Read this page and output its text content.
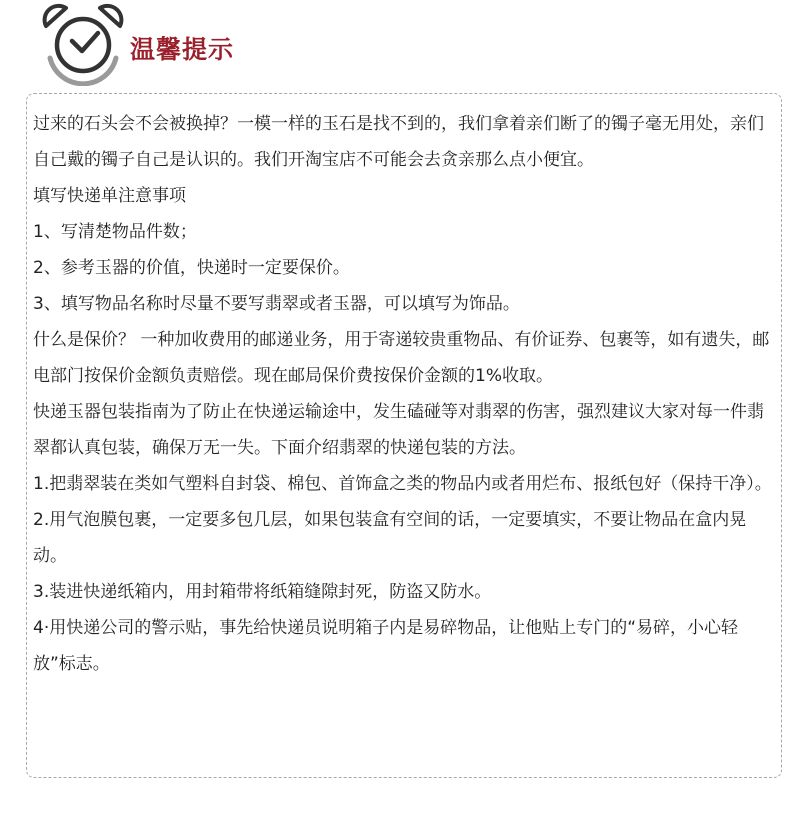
温馨提示

过来的石头会不会被换掉？一模一样的玉石是找不到的，我们拿着亲们断了的镯子毫无用处，亲们自己戴的镯子自己是认识的。我们开淘宝店不可能会去贪亲那么点小便宜。

填写快递单注意事项

1、写清楚物品件数；

2、参考玉器的价值，快递时一定要保价。

3、填写物品名称时尽量不要写翡翠或者玉器，可以填写为饰品。

什么是保价？ 一种加收费用的邮递业务，用于寄递较贵重物品、有价证券、包裹等，如有遗失，邮电部门按保价金额负责赔偿。现在邮局保价费按保价金额的1%收取。

快递玉器包装指南为了防止在快递运输途中，发生磕碰等对翡翠的伤害，强烈建议大家对每一件翡翠都认真包装，确保万无一失。下面介绍翡翠的快递包装的方法。

1.把翡翠装在类如气塑料自封袋、棉包、首饰盒之类的物品内或者用烂布、报纸包好（保持干净）。

2.用气泡膜包裹，一定要多包几层，如果包装盒有空间的话，一定要填实，不要让物品在盒内晃动。

3.装进快递纸箱内，用封箱带将纸箱缝隙封死，防盗又防水。

4·用快递公司的警示贴，事先给快递员说明箱子内是易碎物品，让他贴上专门的“易碎，小心轻放”标志。
